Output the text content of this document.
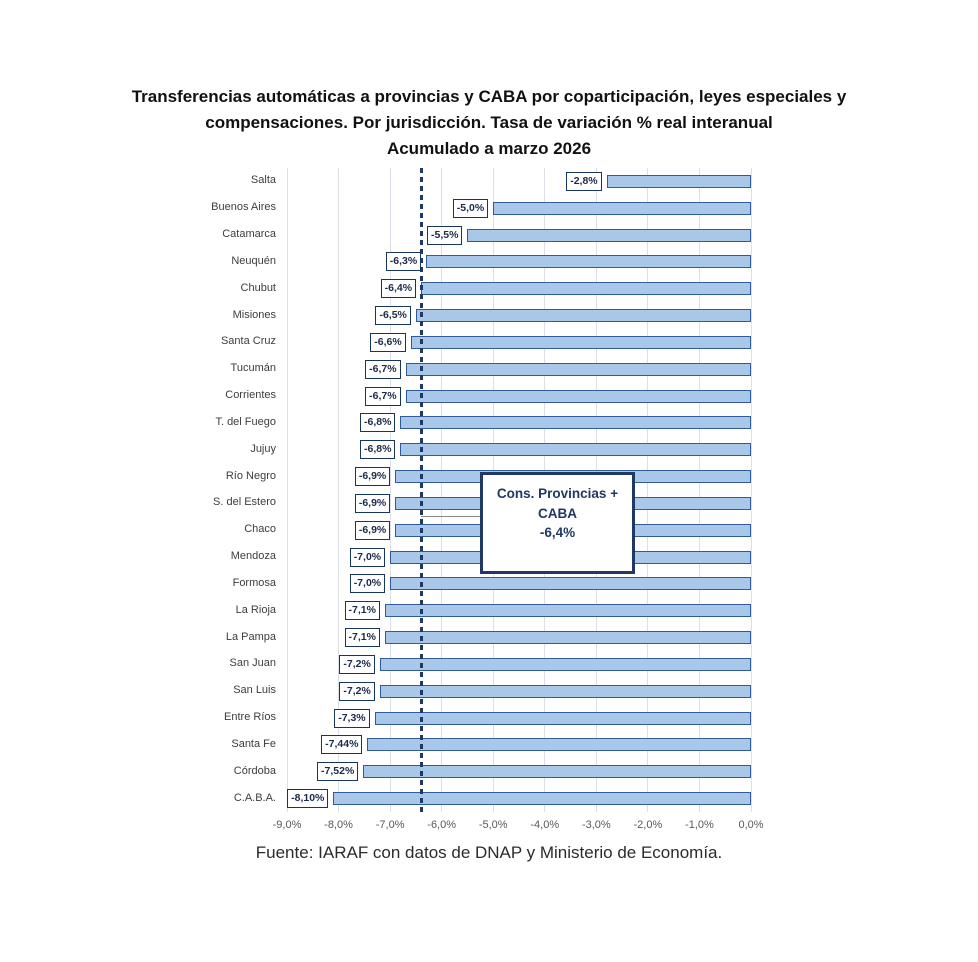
Transferencias automáticas a provincias y CABA por coparticipación, leyes especiales y
compensaciones. Por jurisdicción. Tasa de variación % real interanual
Acumulado a marzo 2026
-9,0% -8,0% -7,0% -6,0% -5,0% -4,0% -3,0% -2,0% -1,0% 0,0%
Salta	-2,8%
Buenos Aires	-5,0%
Catamarca	-5,5%
Neuquén	-6,3%
Chubut	-6,4%
Misiones	-6,5%
Santa Cruz	-6,6%
Tucumán	-6,7%
Corrientes	-6,7%
T. del Fuego	-6,8%
Jujuy	-6,8%
Río Negro	-6,9%
S. del Estero	-6,9%
Chaco	-6,9%
Mendoza	-7,0%
Formosa	-7,0%
La Rioja	-7,1%
La Pampa	-7,1%
San Juan	-7,2%
San Luis	-7,2%
Entre Ríos	-7,3%
Santa Fe	-7,44%
Córdoba	-7,52%
C.A.B.A.	-8,10%
Cons. Provincias +
CABA
-6,4%
Fuente: IARAF con datos de DNAP y Ministerio de Economía.
